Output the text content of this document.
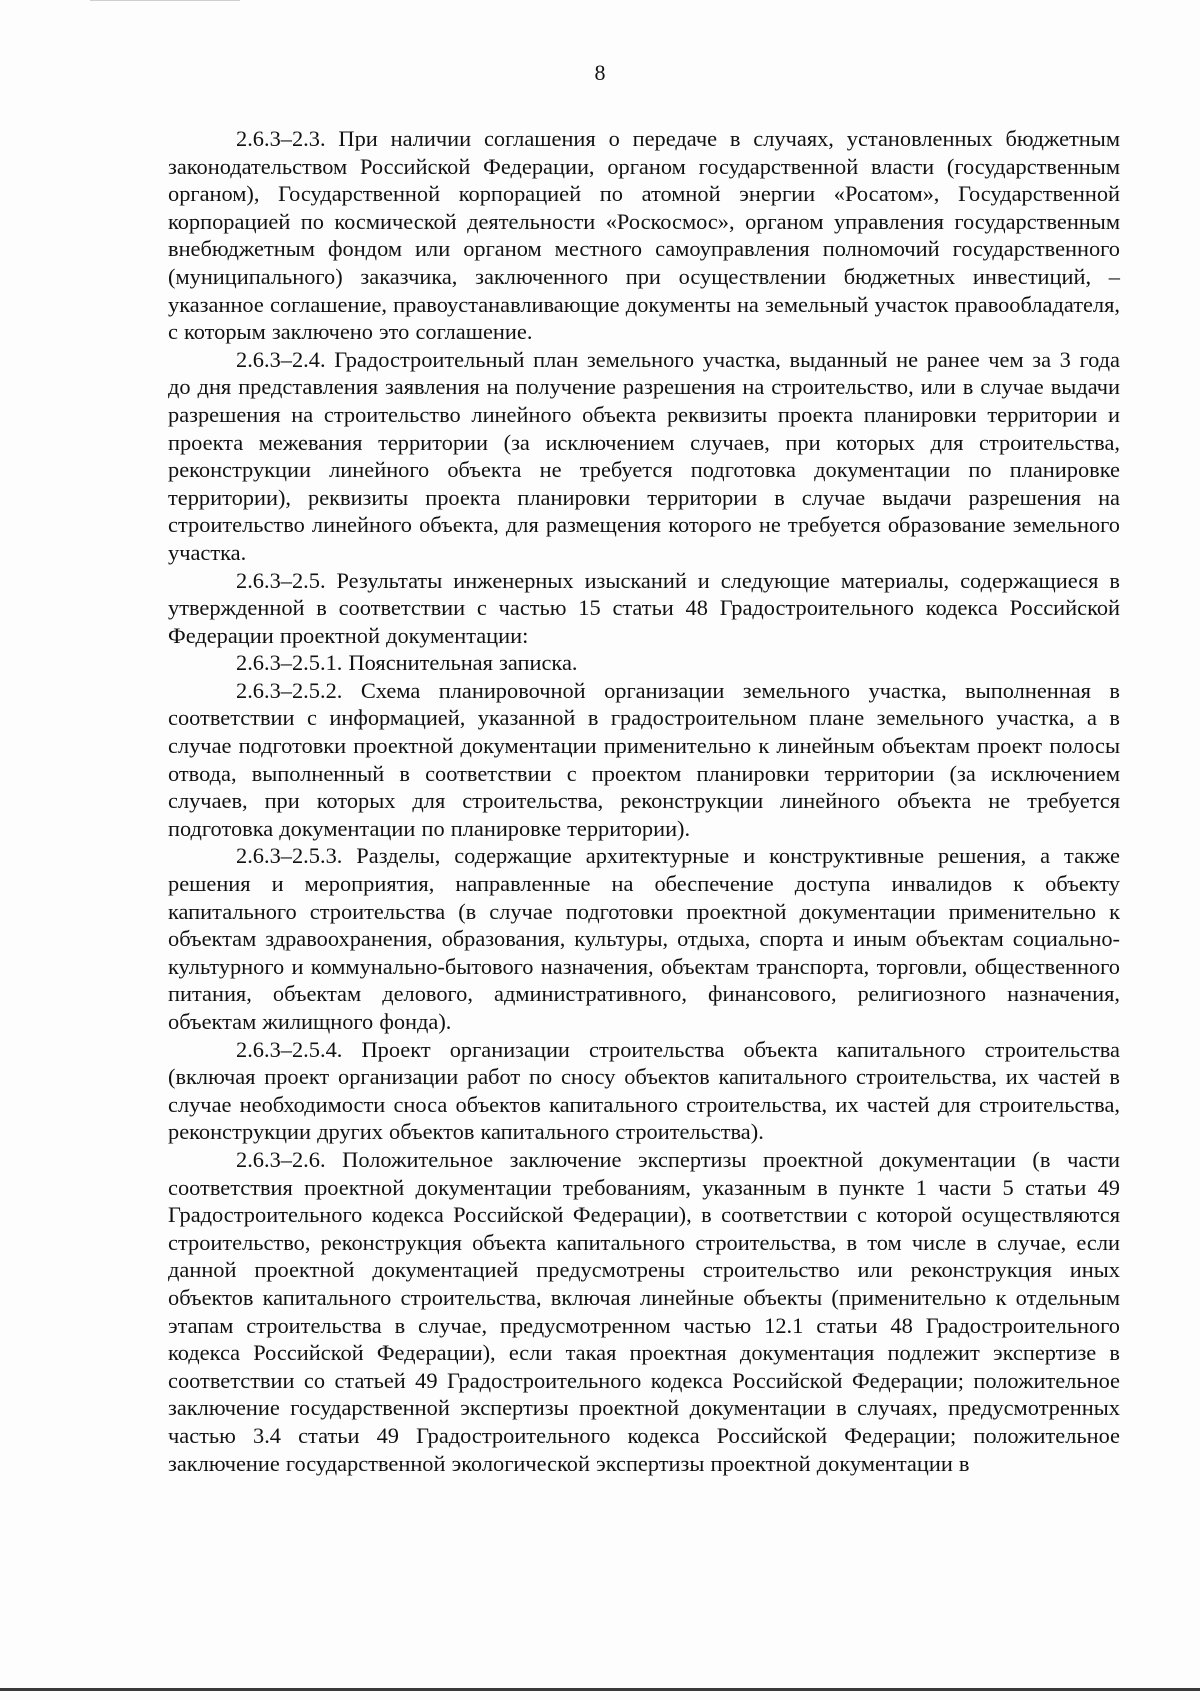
8

2.6.3–2.3. При наличии соглашения о передаче в случаях, установленных бюджетным законодательством Российской Федерации, органом государственной власти (государственным органом), Государственной корпорацией по атомной энергии «Росатом», Государственной корпорацией по космической деятельности «Роскосмос», органом управления государственным внебюджетным фондом или органом местного самоуправления полномочий государственного (муниципального) заказчика, заключенного при осуществлении бюджетных инвестиций, – указанное соглашение, правоустанавливающие документы на земельный участок правообладателя, с которым заключено это соглашение.

2.6.3–2.4. Градостроительный план земельного участка, выданный не ранее чем за 3 года до дня представления заявления на получение разрешения на строительство, или в случае выдачи разрешения на строительство линейного объекта реквизиты проекта планировки территории и проекта межевания территории (за исключением случаев, при которых для строительства, реконструкции линейного объекта не требуется подготовка документации по планировке территории), реквизиты проекта планировки территории в случае выдачи разрешения на строительство линейного объекта, для размещения которого не требуется образование земельного участка.

2.6.3–2.5. Результаты инженерных изысканий и следующие материалы, содержащиеся в утвержденной в соответствии с частью 15 статьи 48 Градостроительного кодекса Российской Федерации проектной документации:

2.6.3–2.5.1. Пояснительная записка.

2.6.3–2.5.2. Схема планировочной организации земельного участка, выполненная в соответствии с информацией, указанной в градостроительном плане земельного участка, а в случае подготовки проектной документации применительно к линейным объектам проект полосы отвода, выполненный в соответствии с проектом планировки территории (за исключением случаев, при которых для строительства, реконструкции линейного объекта не требуется подготовка документации по планировке территории).

2.6.3–2.5.3. Разделы, содержащие архитектурные и конструктивные решения, а также решения и мероприятия, направленные на обеспечение доступа инвалидов к объекту капитального строительства (в случае подготовки проектной документации применительно к объектам здравоохранения, образования, культуры, отдыха, спорта и иным объектам социально-культурного и коммунально-бытового назначения, объектам транспорта, торговли, общественного питания, объектам делового, административного, финансового, религиозного назначения, объектам жилищного фонда).

2.6.3–2.5.4. Проект организации строительства объекта капитального строительства (включая проект организации работ по сносу объектов капитального строительства, их частей в случае необходимости сноса объектов капитального строительства, их частей для строительства, реконструкции других объектов капитального строительства).

2.6.3–2.6. Положительное заключение экспертизы проектной документации (в части соответствия проектной документации требованиям, указанным в пункте 1 части 5 статьи 49 Градостроительного кодекса Российской Федерации), в соответствии с которой осуществляются строительство, реконструкция объекта капитального строительства, в том числе в случае, если данной проектной документацией предусмотрены строительство или реконструкция иных объектов капитального строительства, включая линейные объекты (применительно к отдельным этапам строительства в случае, предусмотренном частью 12.1 статьи 48 Градостроительного кодекса Российской Федерации), если такая проектная документация подлежит экспертизе в соответствии со статьей 49 Градостроительного кодекса Российской Федерации; положительное заключение государственной экспертизы проектной документации в случаях, предусмотренных частью 3.4 статьи 49 Градостроительного кодекса Российской Федерации; положительное заключение государственной экологической экспертизы проектной документации в
